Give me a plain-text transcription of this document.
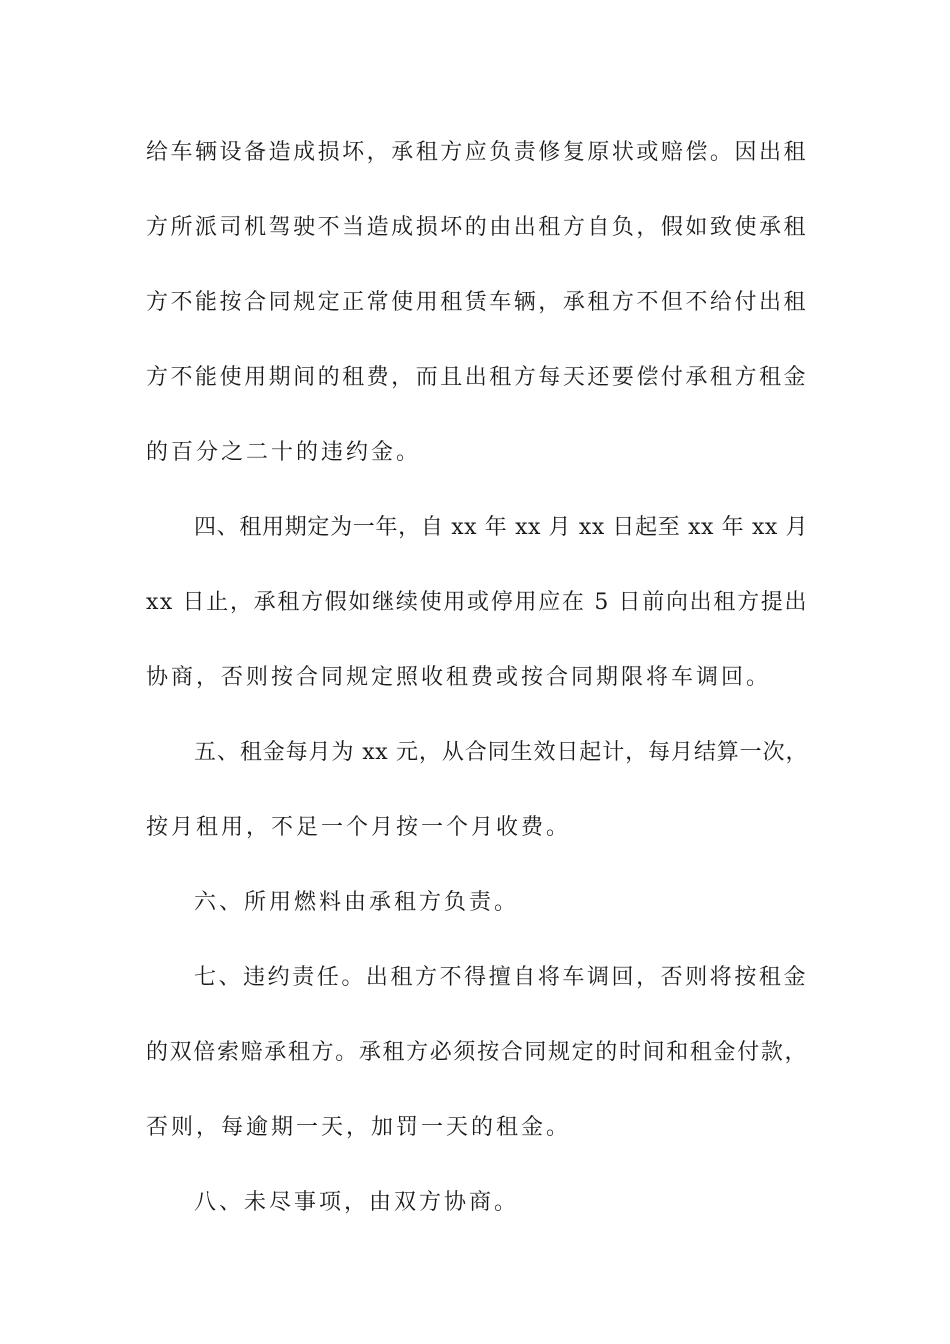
给车辆设备造成损坏，承租方应负责修复原状或赔偿。因出租
方所派司机驾驶不当造成损坏的由出租方自负，假如致使承租
方不能按合同规定正常使用租赁车辆，承租方不但不给付出租
方不能使用期间的租费，而且出租方每天还要偿付承租方租金
的百分之二十的违约金。
四、租用期定为一年，自 xx 年 xx 月 xx 日起至 xx 年 xx 月
xx 日止，承租方假如继续使用或停用应在 5 日前向出租方提出
协商，否则按合同规定照收租费或按合同期限将车调回。
五、租金每月为 xx 元，从合同生效日起计，每月结算一次，
按月租用，不足一个月按一个月收费。
六、所用燃料由承租方负责。
七、违约责任。出租方不得擅自将车调回，否则将按租金
的双倍索赔承租方。承租方必须按合同规定的时间和租金付款，
否则，每逾期一天，加罚一天的租金。
八、未尽事项，由双方协商。
